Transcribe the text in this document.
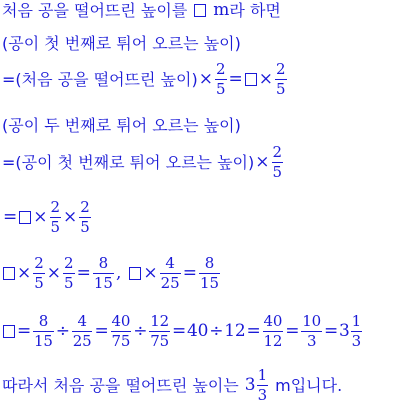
처음 공을 떨어뜨린 높이를 m 라 하면
(공이 첫 번째로 튀어 오르는 높이)
=(처음 공을 떨어뜨린 높이) × $\frac{2}{5}$ = × $\frac{2}{5}$
(공이 두 번째로 튀어 오르는 높이)
=(공이 첫 번째로 튀어 오르는 높이) × $\frac{2}{5}$
= × $\frac{2}{5} \times \frac{2}{5}$
× $\frac{2}{5} \times \frac{2}{5} = \frac{8}{15}$ , × $\frac{4}{25} = \frac{8}{15}$
= $\frac{8}{15} \div \frac{4}{25} = \frac{40}{75} \div \frac{12}{75} = 40 \div 12 = \frac{40}{12} = \frac{10}{3} = 3 \frac{1}{3}$
따라서 처음 공을 떨어뜨린 높이는 $3 \frac{1}{3}$ m입니다.
